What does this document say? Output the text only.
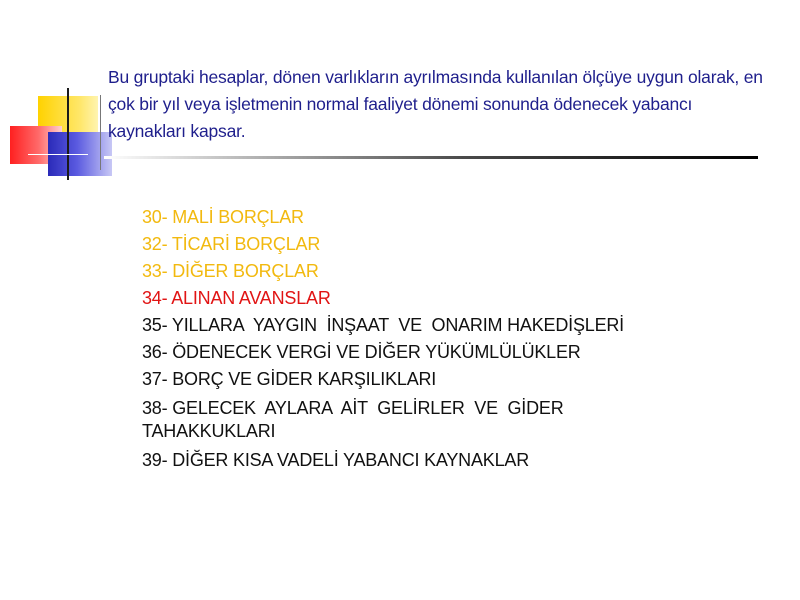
Bu gruptaki hesaplar, dönen varlıkların ayrılmasında kullanılan ölçüye uygun olarak, en çok bir yıl veya işletmenin normal faaliyet dönemi sonunda ödenecek yabancı kaynakları kapsar.

30- MALİ BORÇLAR
32- TİCARİ BORÇLAR
33- DİĞER BORÇLAR
34- ALINAN AVANSLAR
35- YILLARA  YAYGIN  İNŞAAT  VE  ONARIM HAKEDİŞLERİ
36- ÖDENECEK VERGİ VE DİĞER YÜKÜMLÜLÜKLER
37- BORÇ VE GİDER KARŞILIKLARI
38- GELECEK  AYLARA  AİT  GELİRLER  VE  GİDER TAHAKKUKLARI
39- DİĞER KISA VADELİ YABANCI KAYNAKLAR
